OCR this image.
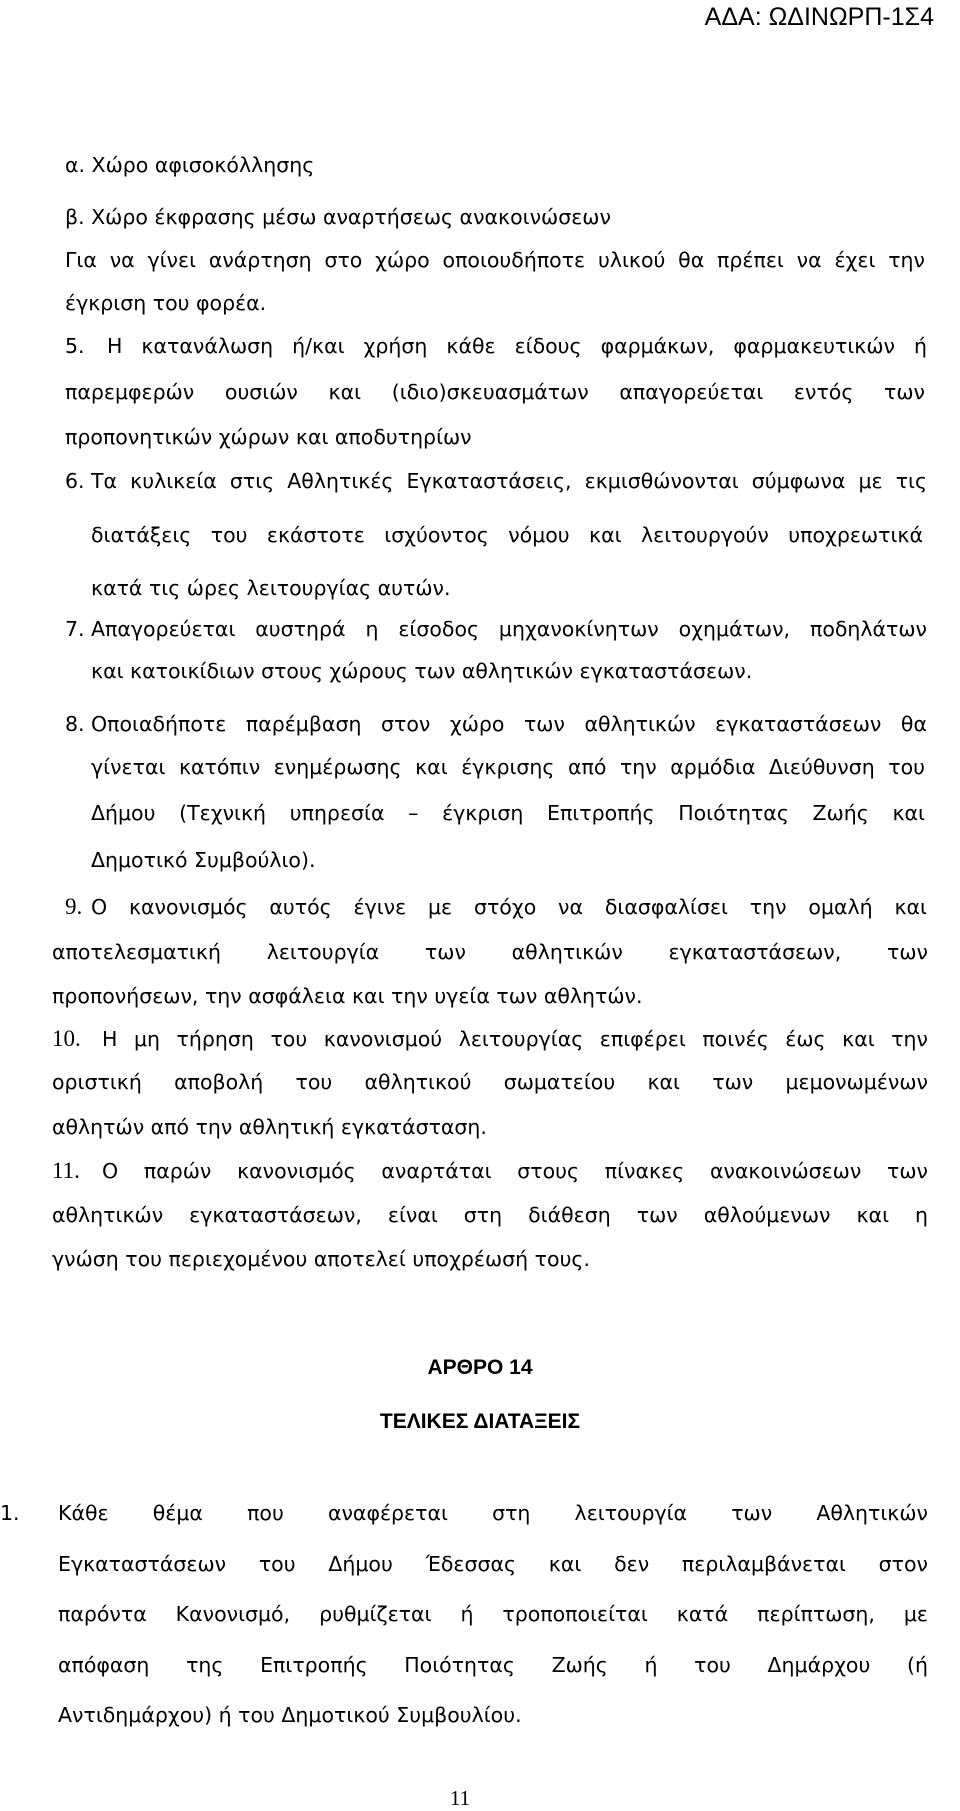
ΑΔΑ: ΩΔΙΝΩΡΠ-1Σ4
α. Χώρο αφισοκόλλησης
β. Χώρο έκφρασης μέσω αναρτήσεως ανακοινώσεων
Για να γίνει ανάρτηση στο χώρο οποιουδήποτε υλικού θα πρέπει να έχει την
έγκριση του φορέα.
5. Η κατανάλωση ή/και χρήση κάθε είδους φαρμάκων, φαρμακευτικών ή
παρεμφερών ουσιών και (ιδιο)σκευασμάτων απαγορεύεται εντός των
προπονητικών χώρων και αποδυτηρίων
6. Τα κυλικεία στις Αθλητικές Εγκαταστάσεις, εκμισθώνονται σύμφωνα με τις
διατάξεις του εκάστοτε ισχύοντος νόμου και λειτουργούν υποχρεωτικά
κατά τις ώρες λειτουργίας αυτών.
7. Απαγορεύεται αυστηρά η είσοδος μηχανοκίνητων οχημάτων, ποδηλάτων
και κατοικίδιων στους χώρους των αθλητικών εγκαταστάσεων.
8. Οποιαδήποτε παρέμβαση στον χώρο των αθλητικών εγκαταστάσεων θα
γίνεται κατόπιν ενημέρωσης και έγκρισης από την αρμόδια Διεύθυνση του
Δήμου (Τεχνική υπηρεσία – έγκριση Επιτροπής Ποιότητας Ζωής και
Δημοτικό Συμβούλιο).
9. Ο κανονισμός αυτός έγινε με στόχο να διασφαλίσει την ομαλή και
αποτελεσματική λειτουργία των αθλητικών εγκαταστάσεων, των
προπονήσεων, την ασφάλεια και την υγεία των αθλητών.
10. Η μη τήρηση του κανονισμού λειτουργίας επιφέρει ποινές έως και την
οριστική αποβολή του αθλητικού σωματείου και των μεμονωμένων
αθλητών από την αθλητική εγκατάσταση.
11. Ο παρών κανονισμός αναρτάται στους πίνακες ανακοινώσεων των
αθλητικών εγκαταστάσεων, είναι στη διάθεση των αθλούμενων και η
γνώση του περιεχομένου αποτελεί υποχρέωσή τους.
ΑΡΘΡΟ 14
ΤΕΛΙΚΕΣ ΔΙΑΤΑΞΕΙΣ
1. Κάθε θέμα που αναφέρεται στη λειτουργία των Αθλητικών
Εγκαταστάσεων του Δήμου Έδεσσας και δεν περιλαμβάνεται στον
παρόντα Κανονισμό, ρυθμίζεται ή τροποποιείται κατά περίπτωση, με
απόφαση της Επιτροπής Ποιότητας Ζωής ή του Δημάρχου (ή
Αντιδημάρχου) ή του Δημοτικού Συμβουλίου.
11
